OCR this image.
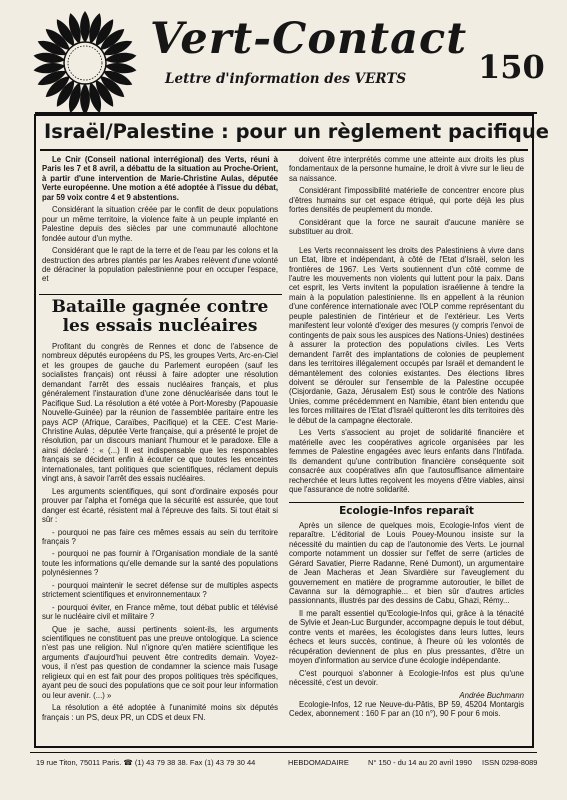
Vert-Contact
Lettre d'information des VERTS 150
Israël/Palestine : pour un règlement pacifique

Le Cnir (Conseil national interrégional) des Verts, réuni à Paris les 7 et 8 avril, a débattu de la situation au Proche-Orient, à partir d'une intervention de Marie-Christine Aulas, députée Verte européenne. Une motion a été adoptée à l'issue du débat, par 59 voix contre 4 et 9 abstentions.

Considérant la situation créée par le conflit de deux populations pour un même territoire, la violence faite à un peuple implanté en Palestine depuis des siècles par une communauté allochtone fondée autour d'un mythe.

Considérant que le rapt de la terre et de l'eau par les colons et la destruction des arbres plantés par les Arabes relèvent d'une volonté de déraciner la population palestinienne pour en occuper l'espace, et

Bataille gagnée contre les essais nucléaires

Profitant du congrès de Rennes et donc de l'absence de nombreux députés européens du PS, les groupes Verts, Arc-en-Ciel et les groupes de gauche du Parlement européen (sauf les socialistes français) ont réussi à faire adopter une résolution demandant l'arrêt des essais nucléaires français, et plus généralement l'instauration d'une zone dénucléarisée dans tout le Pacifique Sud. La résolution a été votée à Port-Moresby (Papouasie Nouvelle-Guinée) par la réunion de l'assemblée paritaire entre les pays ACP (Afrique, Caraïbes, Pacifique) et la CEE. C'est Marie-Christine Aulas, députée Verte française, qui a présenté le projet de résolution, par un discours maniant l'humour et le paradoxe. Elle a ainsi déclaré : « (...) Il est indispensable que les responsables français se décident enfin à écouter ce que toutes les enceintes internationales, tant politiques que scientifiques, réclament depuis vingt ans, à savoir l'arrêt des essais nucléaires.

Les arguments scientifiques, qui sont d'ordinaire exposés pour prouver par l'alpha et l'oméga que la sécurité est assurée, que tout danger est écarté, résistent mal à l'épreuve des faits. Si tout était si sûr :

- pourquoi ne pas faire ces mêmes essais au sein du territoire français ?

- pourquoi ne pas fournir à l'Organisation mondiale de la santé toute les informations qu'elle demande sur la santé des populations polynésiennes ?

- pourquoi maintenir le secret défense sur de multiples aspects strictement scientifiques et environnementaux ?

- pourquoi éviter, en France même, tout débat public et télévisé sur le nucléaire civil et militaire ?

Que je sache, aussi pertinents soient-ils, les arguments scientifiques ne constituent pas une preuve ontologique. La science n'est pas une religion. Nul n'ignore qu'en matière scientifique les arguments d'aujourd'hui peuvent être contredits demain. Voyez-vous, il n'est pas question de condamner la science mais l'usage religieux qui en est fait pour des propos politiques très spécifiques, ayant peu de souci des populations que ce soit pour leur information ou leur avenir. (...) »

La résolution a été adoptée à l'unanimité moins six députés français : un PS, deux PR, un CDS et deux FN.

doivent être interprétés comme une atteinte aux droits les plus fondamentaux de la personne humaine, le droit à vivre sur le lieu de sa naissance.

Considérant l'impossibilité matérielle de concentrer encore plus d'êtres humains sur cet espace étriqué, qui porte déjà les plus fortes densités de peuplement du monde.

Considérant que la force ne saurait d'aucune manière se substituer au droit.

Les Verts reconnaissent les droits des Palestiniens à vivre dans un Etat, libre et indépendant, à côté de l'Etat d'Israël, selon les frontières de 1967. Les Verts soutiennent d'un côté comme de l'autre les mouvements non violents qui luttent pour la paix. Dans cet esprit, les Verts invitent la population israélienne à tendre la main à la population palestinienne. Ils en appellent à la réunion d'une conférence internationale avec l'OLP comme représentant du peuple palestinien de l'intérieur et de l'extérieur. Les Verts manifestent leur volonté d'exiger des mesures (y compris l'envoi de contingents de paix sous les auspices des Nations-Unies) destinées à assurer la protection des populations civiles. Les Verts demandent l'arrêt des implantations de colonies de peuplement dans les territoires illégalement occupés par Israël et demandent le démantèlement des colonies existantes. Des élections libres doivent se dérouler sur l'ensemble de la Palestine occupée (Cisjordanie, Gaza, Jérusalem Est) sous le contrôle des Nations Unies, comme précédemment en Namibie, étant bien entendu que les forces militaires de l'Etat d'Israël quitteront les dits territoires dès le début de la campagne électorale.

Les Verts s'associent au projet de solidarité financière et matérielle avec les coopératives agricole organisées par les femmes de Palestine engagées avec leurs enfants dans l'Intifada. Ils demandent qu'une contribution financière conséquente soit consacrée aux coopératives afin que l'autosuffisance alimentaire recherchée et leurs luttes reçoivent les moyens d'être viables, ainsi que l'assurance de notre solidarité.

Ecologie-Infos reparaît

Après un silence de quelques mois, Ecologie-Infos vient de reparaître. L'éditorial de Louis Pouey-Mounou insiste sur la nécessité du maintien du cap de l'autonomie des Verts. Le journal comporte notamment un dossier sur l'effet de serre (articles de Gérard Savatier, Pierre Radanne, René Dumont), un argumentaire de Jean Macheras et Jean Sivardière sur l'aveuglement du gouvernement en matière de programme autoroutier, le billet de Cavanna sur la démographie... et bien sûr d'autres articles passionnants, illustrés par des dessins de Cabu, Ghazi, Rémy...

Il me paraît essentiel qu'Ecologie-Infos qui, grâce à la ténacité de Sylvie et Jean-Luc Burgunder, accompagne depuis le tout début, contre vents et marées, les écologistes dans leurs luttes, leurs échecs et leurs succès, continue, à l'heure où les volontés de récupération deviennent de plus en plus pressantes, d'être un moyen d'information au service d'une écologie indépendante.

C'est pourquoi s'abonner à Ecologie-Infos est plus qu'une nécessité, c'est un devoir.

Andrée Buchmann

Ecologie-Infos, 12 rue Neuve-du-Pâtis, BP 59, 45204 Montargis Cedex, abonnement : 160 F par an (10 n°), 90 F pour 6 mois.

19 rue Titon, 75011 Paris. ☎ (1) 43 79 38 38. Fax (1) 43 79 30 44	HEBDOMADAIRE	N° 150 - du 14 au 20 avril 1990 ISSN 0298-8089
